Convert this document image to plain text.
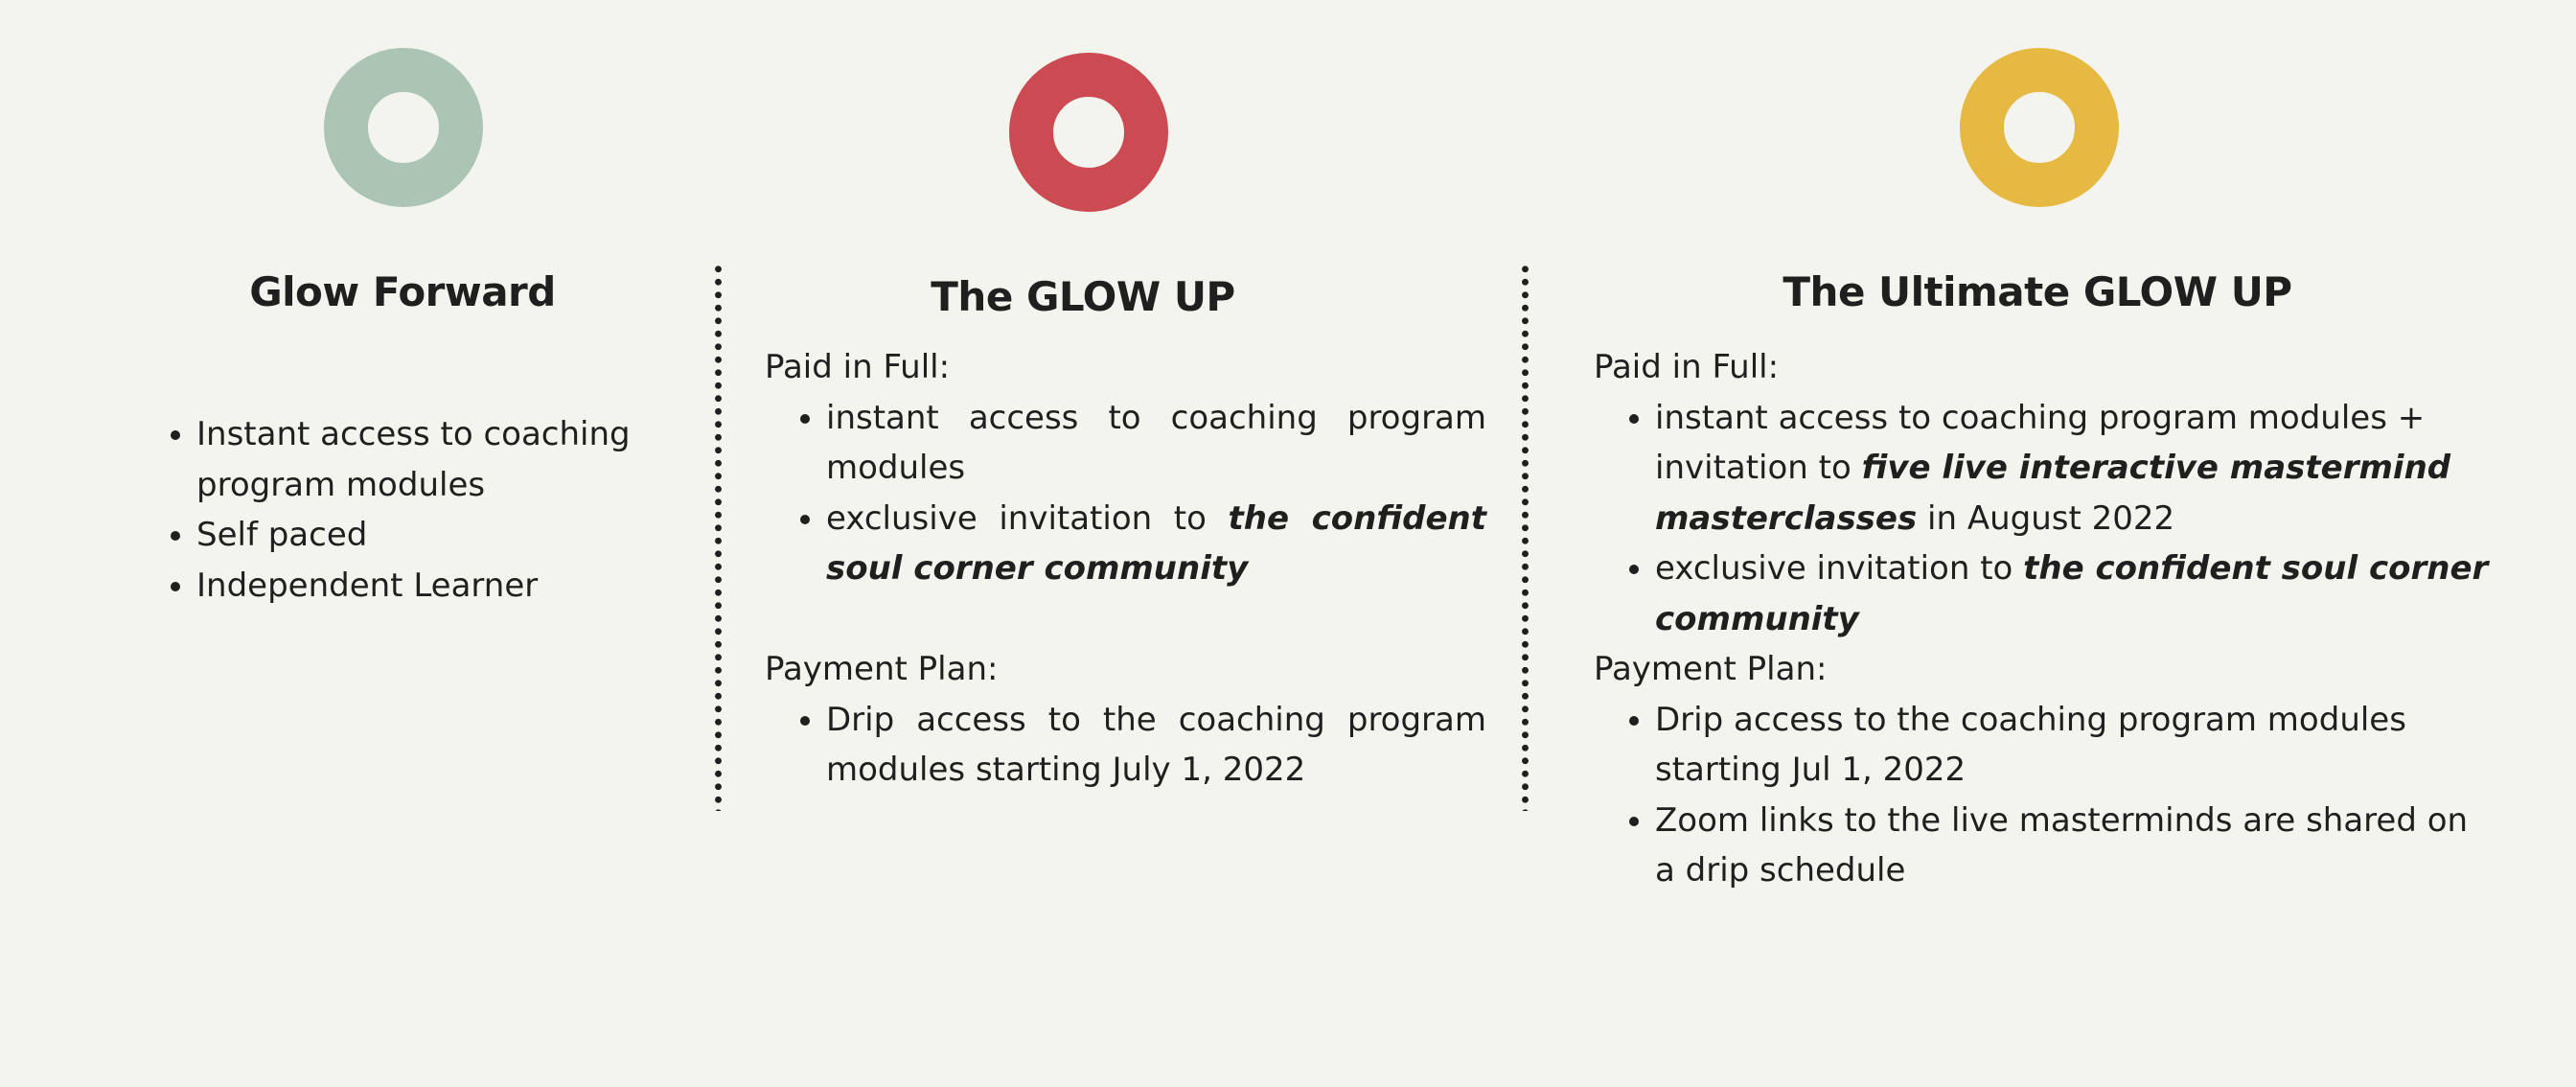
Glow Forward	The GLOW UP	The Ultimate GLOW UP
• Instant access to coaching program modules
• Self paced
• Independent Learner

Paid in Full:

• instant access to coaching program modules
• exclusive invitation to the confident soul corner community

Payment Plan:

• Drip access to the coaching program modules starting July 1, 2022

Paid in Full:

• instant access to coaching program modules + invitation to five live interactive mastermind masterclasses in August 2022
• exclusive invitation to the confident soul corner community

Payment Plan:

• Drip access to the coaching program modules starting Jul 1, 2022
• Zoom links to the live masterminds are shared on a drip schedule
